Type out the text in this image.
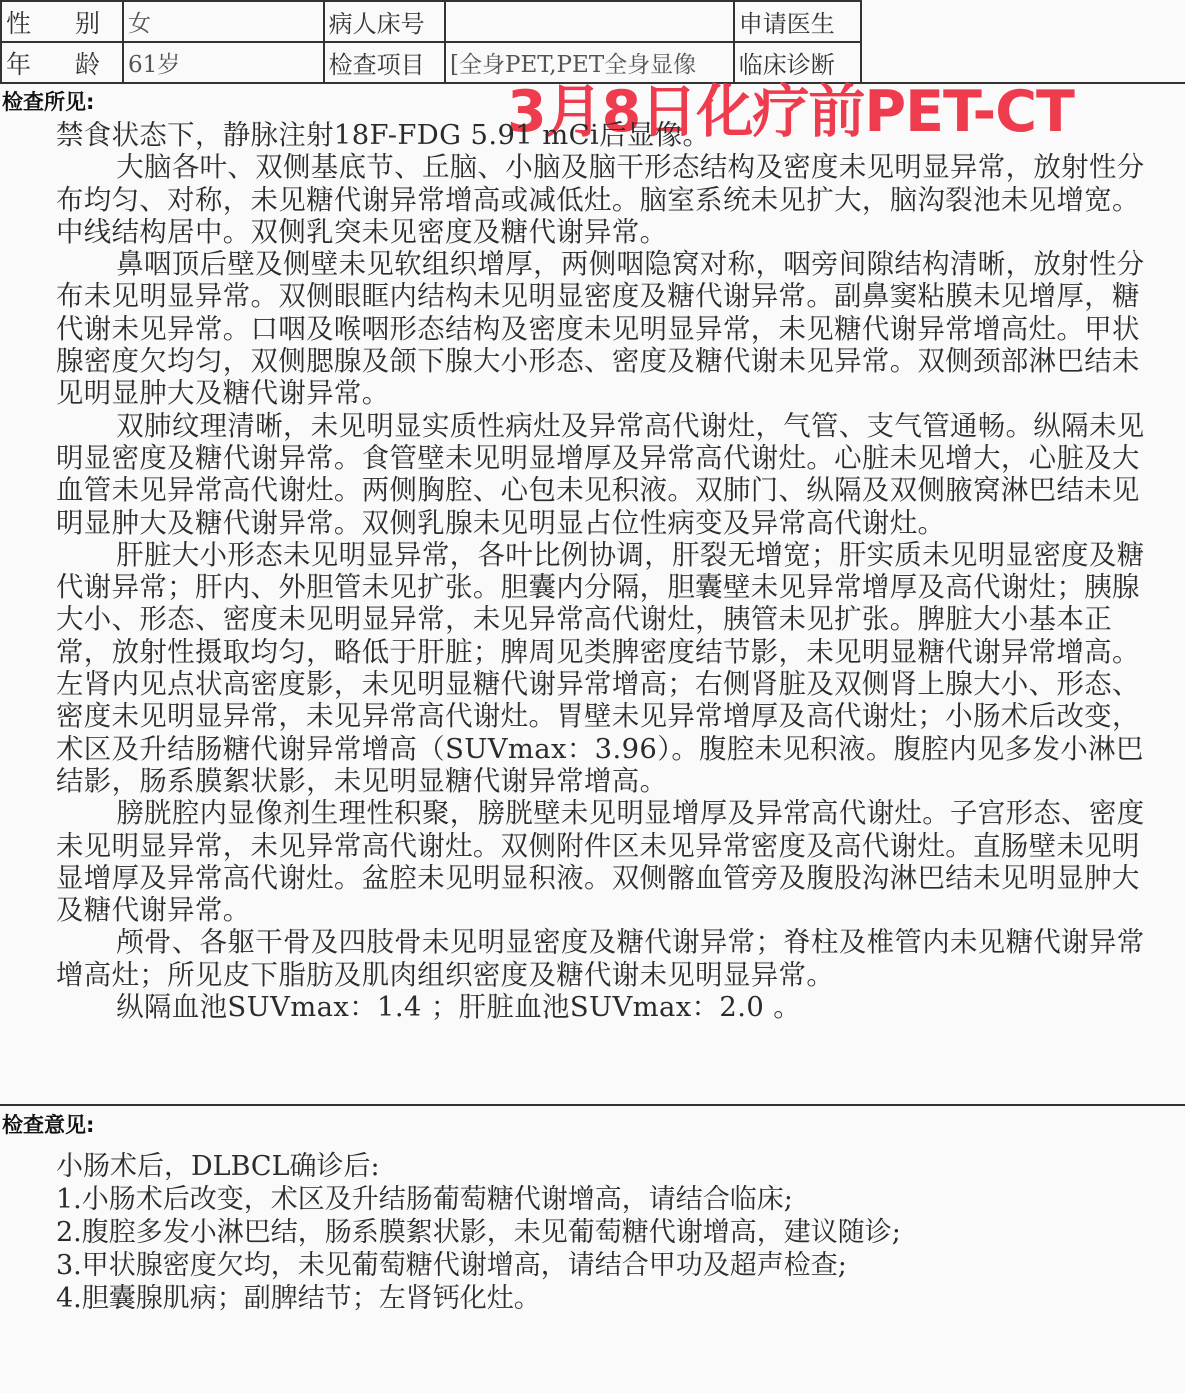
性 别	女	病人床号		申请医生
年 龄	61岁	检查项目	[全身PET,PET全身显像	临床诊断
检查所见:	3月8日化疗前PET-CT

禁食状态下，静脉注射18F-FDG 5.91 mCi后显像。

大脑各叶、双侧基底节、丘脑、小脑及脑干形态结构及密度未见明显异常，放射性分布均匀、对称，未见糖代谢异常增高或减低灶。脑室系统未见扩大，脑沟裂池未见增宽。中线结构居中。双侧乳突未见密度及糖代谢异常。

鼻咽顶后壁及侧壁未见软组织增厚，两侧咽隐窝对称，咽旁间隙结构清晰，放射性分布未见明显异常。双侧眼眶内结构未见明显密度及糖代谢异常。副鼻窦粘膜未见增厚，糖代谢未见异常。口咽及喉咽形态结构及密度未见明显异常，未见糖代谢异常增高灶。甲状腺密度欠均匀，双侧腮腺及颌下腺大小形态、密度及糖代谢未见异常。双侧颈部淋巴结未见明显肿大及糖代谢异常。

双肺纹理清晰，未见明显实质性病灶及异常高代谢灶，气管、支气管通畅。纵隔未见明显密度及糖代谢异常。食管壁未见明显增厚及异常高代谢灶。心脏未见增大，心脏及大血管未见异常高代谢灶。两侧胸腔、心包未见积液。双肺门、纵隔及双侧腋窝淋巴结未见明显肿大及糖代谢异常。双侧乳腺未见明显占位性病变及异常高代谢灶。

肝脏大小形态未见明显异常，各叶比例协调，肝裂无增宽；肝实质未见明显密度及糖代谢异常；肝内、外胆管未见扩张。胆囊内分隔，胆囊壁未见异常增厚及高代谢灶；胰腺大小、形态、密度未见明显异常，未见异常高代谢灶，胰管未见扩张。脾脏大小基本正常，放射性摄取均匀，略低于肝脏；脾周见类脾密度结节影，未见明显糖代谢异常增高。左肾内见点状高密度影，未见明显糖代谢异常增高；右侧肾脏及双侧肾上腺大小、形态、密度未见明显异常，未见异常高代谢灶。胃壁未见异常增厚及高代谢灶；小肠术后改变，术区及升结肠糖代谢异常增高（SUVmax：3.96）。腹腔未见积液。腹腔内见多发小淋巴结影，肠系膜絮状影，未见明显糖代谢异常增高。

膀胱腔内显像剂生理性积聚，膀胱壁未见明显增厚及异常高代谢灶。子宫形态、密度未见明显异常，未见异常高代谢灶。双侧附件区未见异常密度及高代谢灶。直肠壁未见明显增厚及异常高代谢灶。盆腔未见明显积液。双侧髂血管旁及腹股沟淋巴结未见明显肿大及糖代谢异常。

颅骨、各躯干骨及四肢骨未见明显密度及糖代谢异常；脊柱及椎管内未见糖代谢异常增高灶；所见皮下脂肪及肌肉组织密度及糖代谢未见明显异常。

纵隔血池SUVmax：1.4 ；肝脏血池SUVmax：2.0 。

检查意见:
小肠术后，DLBCL确诊后:
1.小肠术后改变，术区及升结肠葡萄糖代谢增高，请结合临床;
2.腹腔多发小淋巴结，肠系膜絮状影，未见葡萄糖代谢增高，建议随诊;
3.甲状腺密度欠均，未见葡萄糖代谢增高，请结合甲功及超声检查;
4.胆囊腺肌病；副脾结节；左肾钙化灶。
